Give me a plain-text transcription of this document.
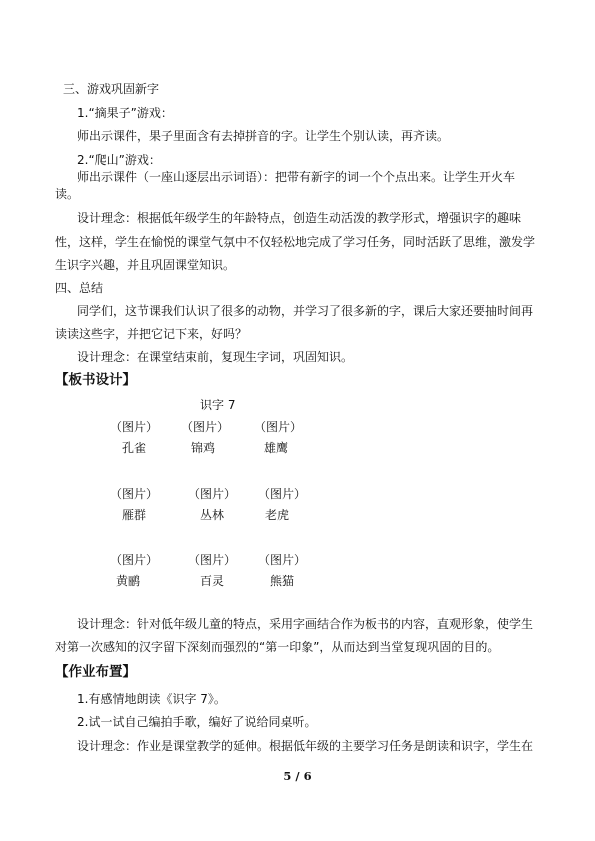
三、游戏巩固新字

1.“摘果子”游戏：

师出示课件，果子里面含有去掉拼音的字。让学生个别认读，再齐读。

2.“爬山”游戏：

师出示课件（一座山逐层出示词语）：把带有新字的词一个个点出来。让学生开火车

读。

设计理念：根据低年级学生的年龄特点，创造生动活泼的教学形式，增强识字的趣味

性，这样，学生在愉悦的课堂气氛中不仅轻松地完成了学习任务，同时活跃了思维，激发学

生识字兴趣，并且巩固课堂知识。

四、总结

同学们，这节课我们认识了很多的动物，并学习了很多新的字，课后大家还要抽时间再

读读这些字，并把它记下来，好吗？

设计理念：在课堂结束前，复现生字词，巩固知识。

【板书设计】

识字 7

（图片）	（图片）	（图片）

孔雀	锦鸡	雄鹰

（图片）	（图片）	（图片）

雁群	丛林	老虎

（图片）	（图片）	（图片）

黄鹂	百灵	熊猫

设计理念：针对低年级儿童的特点，采用字画结合作为板书的内容，直观形象，使学生

对第一次感知的汉字留下深刻而强烈的“第一印象”，从而达到当堂复现巩固的目的。

【作业布置】

1.有感情地朗读《识字 7》。

2.试一试自己编拍手歌，编好了说给同桌听。

设计理念：作业是课堂教学的延伸。根据低年级的主要学习任务是朗读和识字，学生在

5 / 6
